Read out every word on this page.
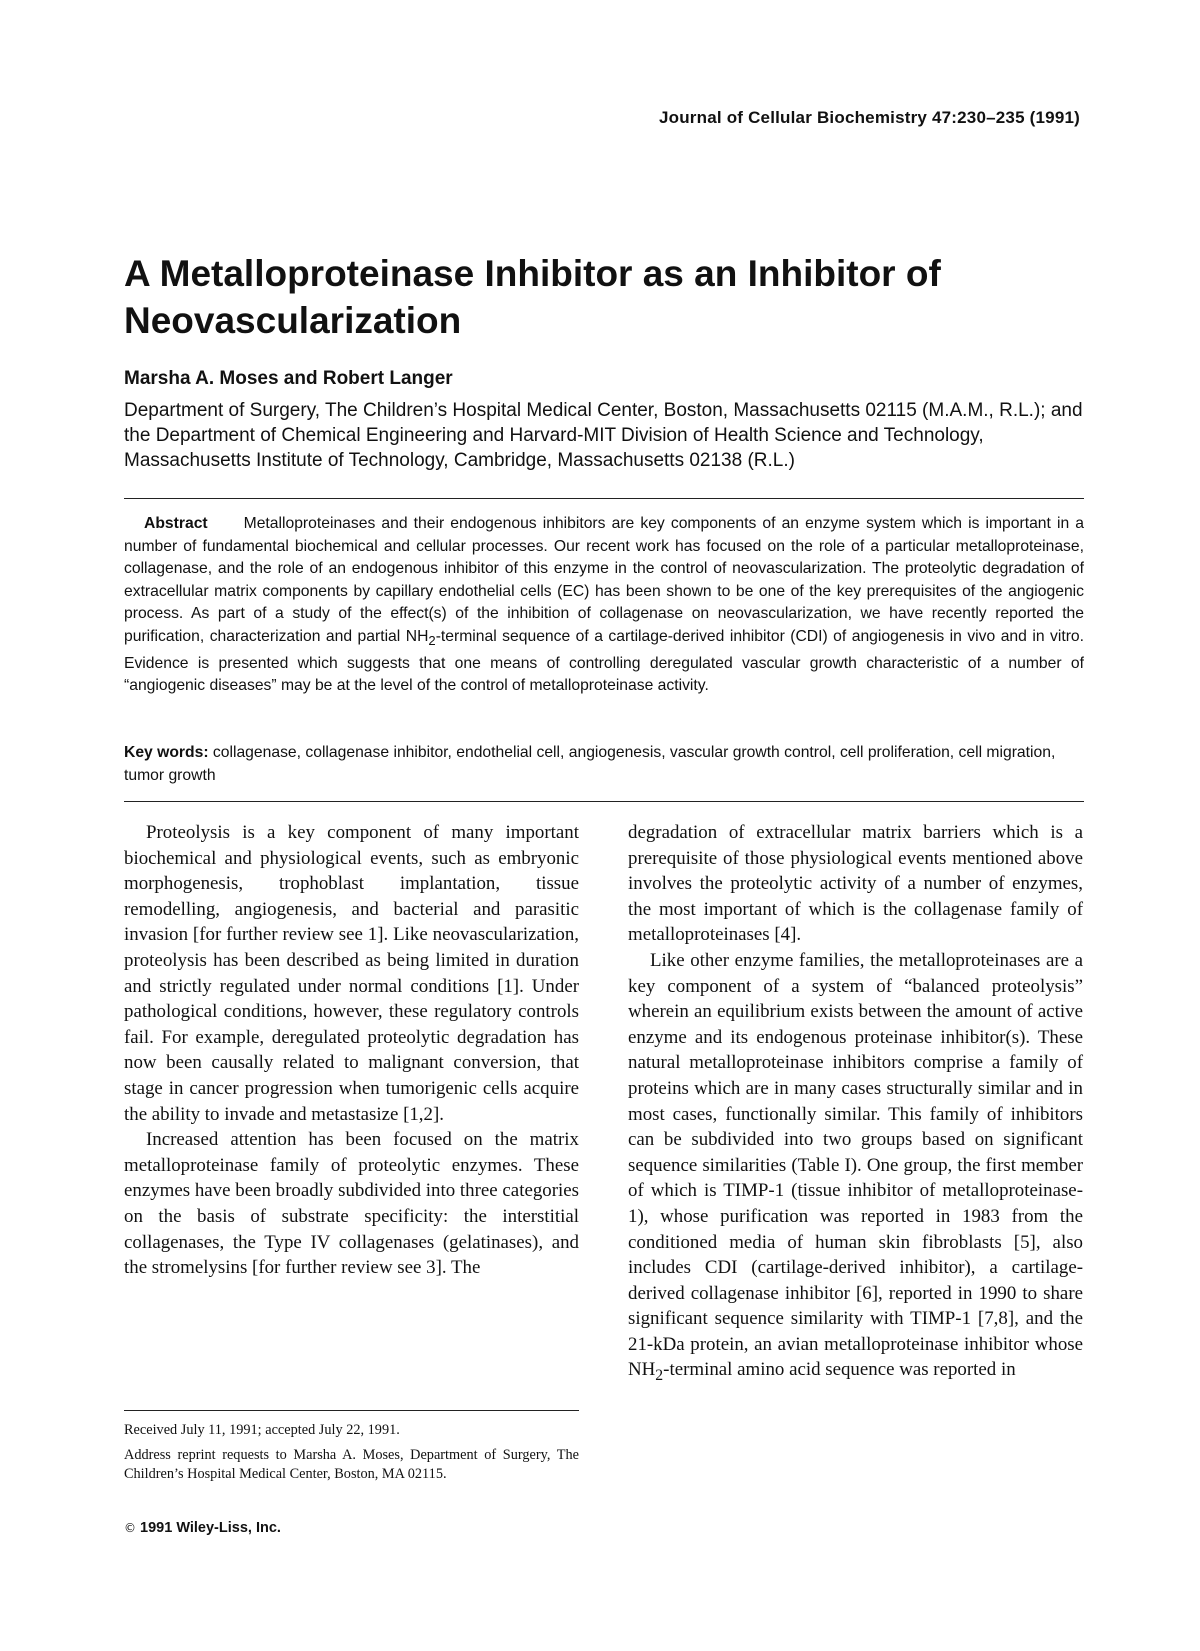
Journal of Cellular Biochemistry 47:230–235 (1991)
A Metalloproteinase Inhibitor as an Inhibitor of Neovascularization
Marsha A. Moses and Robert Langer
Department of Surgery, The Children’s Hospital Medical Center, Boston, Massachusetts 02115 (M.A.M., R.L.); and the Department of Chemical Engineering and Harvard-MIT Division of Health Science and Technology, Massachusetts Institute of Technology, Cambridge, Massachusetts 02138 (R.L.)
Abstract Metalloproteinases and their endogenous inhibitors are key components of an enzyme system which is important in a number of fundamental biochemical and cellular processes. Our recent work has focused on the role of a particular metalloproteinase, collagenase, and the role of an endogenous inhibitor of this enzyme in the control of neovascularization. The proteolytic degradation of extracellular matrix components by capillary endothelial cells (EC) has been shown to be one of the key prerequisites of the angiogenic process. As part of a study of the effect(s) of the inhibition of collagenase on neovascularization, we have recently reported the purification, characterization and partial $NH_2$-terminal sequence of a cartilage-derived inhibitor (CDI) of angiogenesis in vivo and in vitro. Evidence is presented which suggests that one means of controlling deregulated vascular growth characteristic of a number of “angiogenic diseases” may be at the level of the control of metalloproteinase activity.
Key words: collagenase, collagenase inhibitor, endothelial cell, angiogenesis, vascular growth control, cell proliferation, cell migration, tumor growth

Proteolysis is a key component of many important biochemical and physiological events, such as embryonic morphogenesis, trophoblast implantation, tissue remodelling, angiogenesis, and bacterial and parasitic invasion [for further review see 1]. Like neovascularization, proteolysis has been described as being limited in duration and strictly regulated under normal conditions [1]. Under pathological conditions, however, these regulatory controls fail. For example, deregulated proteolytic degradation has now been causally related to malignant conversion, that stage in cancer progression when tumorigenic cells acquire the ability to invade and metastasize [1,2].

Increased attention has been focused on the matrix metalloproteinase family of proteolytic enzymes. These enzymes have been broadly subdivided into three categories on the basis of substrate specificity: the interstitial collagenases, the Type IV collagenases (gelatinases), and the stromelysins [for further review see 3]. The

degradation of extracellular matrix barriers which is a prerequisite of those physiological events mentioned above involves the proteolytic activity of a number of enzymes, the most important of which is the collagenase family of metalloproteinases [4].

Like other enzyme families, the metalloproteinases are a key component of a system of “balanced proteolysis” wherein an equilibrium exists between the amount of active enzyme and its endogenous proteinase inhibitor(s). These natural metalloproteinase inhibitors comprise a family of proteins which are in many cases structurally similar and in most cases, functionally similar. This family of inhibitors can be subdivided into two groups based on significant sequence similarities (Table I). One group, the first member of which is TIMP-1 (tissue inhibitor of metalloproteinase-1), whose purification was reported in 1983 from the conditioned media of human skin fibroblasts [5], also includes CDI (cartilage-derived inhibitor), a cartilage-derived collagenase inhibitor [6], reported in 1990 to share significant sequence similarity with TIMP-1 [7,8], and the 21-kDa protein, an avian metalloproteinase inhibitor whose $NH_2$-terminal amino acid sequence was reported in

Received July 11, 1991; accepted July 22, 1991.

Address reprint requests to Marsha A. Moses, Department of Surgery, The Children’s Hospital Medical Center, Boston, MA 02115.

© 1991 Wiley-Liss, Inc.
